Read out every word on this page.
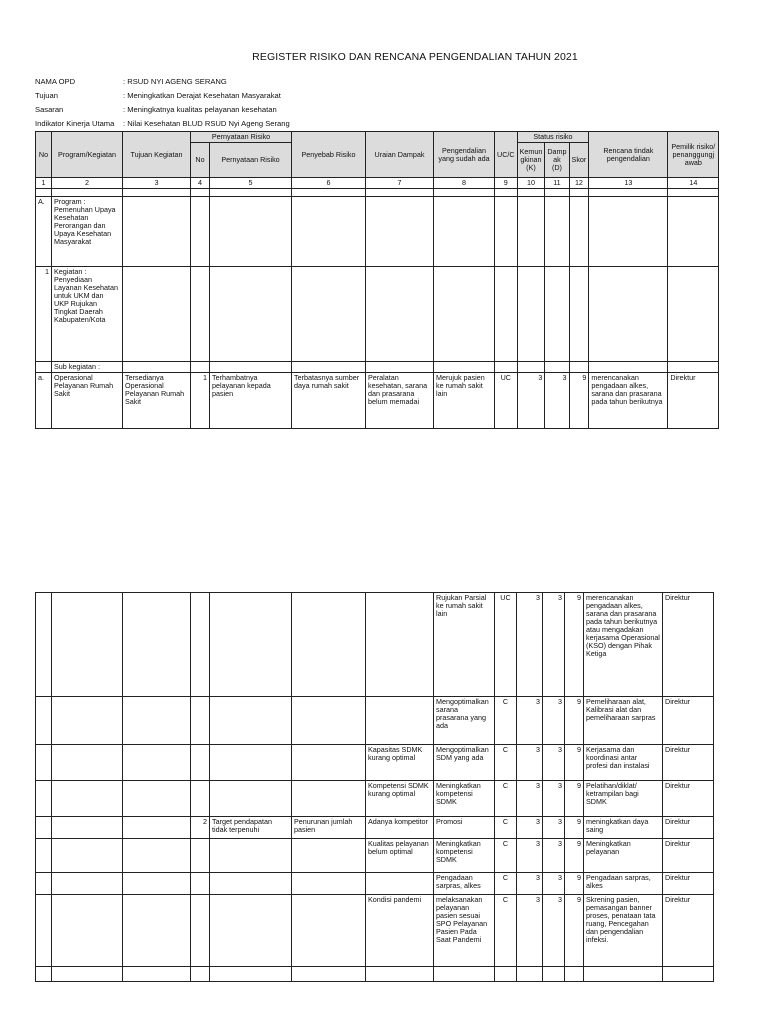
REGISTER RISIKO DAN RENCANA PENGENDALIAN TAHUN 2021
NAMA OPD	: RSUD NYI AGENG SERANG
Tujuan	: Meningkatkan Derajat Kesehatan Masyarakat
Sasaran	: Meningkatnya kualitas pelayanan kesehatan
Indikator Kinerja Utama	: Nilai Kesehatan BLUD RSUD Nyi Ageng Serang
No	Program/Kegiatan	Tujuan Kegiatan	Pernyataan Risiko		Penyebab Risiko	Uraian Dampak	Pengendalian yang sudah ada	UC/C	Status risiko			Rencana tindak pengendalian	Pemilik risiko/ penanggungj awab
			No	Pernyataan Risiko					Kemun gkinan (K)	Damp ak (D)	Skor		
1	2	3	4	5	6	7	8	9	10	11	12	13	14

A.	Program : Pemenuhan Upaya Kesehatan Perorangan dan Upaya Kesehatan Masyarakat												
1	Kegiatan : Penyediaan Layanan Kesehatan untuk UKM dan UKP Rujukan Tingkat Daerah Kabupaten/Kota												
	Sub kegiatan :												
a.	Operasional Pelayanan Rumah Sakit	Tersedianya Operasional Pelayanan Rumah Sakit	1	Terhambatnya pelayanan kepada pasien	Terbatasnya sumber daya rumah sakit	Peralatan kesehatan, sarana dan prasarana belum memadai	Merujuk pasien ke rumah sakit lain	UC	3	3	9	merencanakan pengadaan alkes, sarana dan prasarana pada tahun berikutnya	Direktur
							Rujukan Parsial ke rumah sakit lain	UC	3	3	9	merencanakan pengadaan alkes, sarana dan prasarana pada tahun berikutnya atau mengadakan kerjasama Operasional (KSO) dengan Pihak Ketiga	Direktur
							Mengoptimalkan sarana prasarana yang ada	C	3	3	9	Pemeliharaan alat, Kalibrasi alat dan pemeliharaan sarpras	Direktur
						Kapasitas SDMK kurang optimal	Mengoptimalkan SDM yang ada	C	3	3	9	Kerjasama dan koordinasi antar profesi dan instalasi	Direktur
						Kompetensi SDMK kurang optimal	Meningkatkan kompetensi SDMK	C	3	3	9	Pelatihan/diklat/ ketrampilan bagi SDMK	Direktur
			2	Target pendapatan tidak terpenuhi	Penurunan jumlah pasien	Adanya kompetitor	Promosi	C	3	3	9	meningkatkan daya saing	Direktur
						Kualitas pelayanan belum optimal	Meningkatkan kompetensi SDMK	C	3	3	9	Meningkatkan pelayanan	Direktur
							Pengadaan sarpras, alkes	C	3	3	9	Pengadaan sarpras, alkes	Direktur
						Kondisi pandemi	melaksanakan pelayanan pasien sesuai SPO Pelayanan Pasien Pada Saat Pandemi	C	3	3	9	Skrening pasien, pemasangan banner proses, penataan tata ruang, Pencegahan dan pengendalian infeksi.	Direktur
